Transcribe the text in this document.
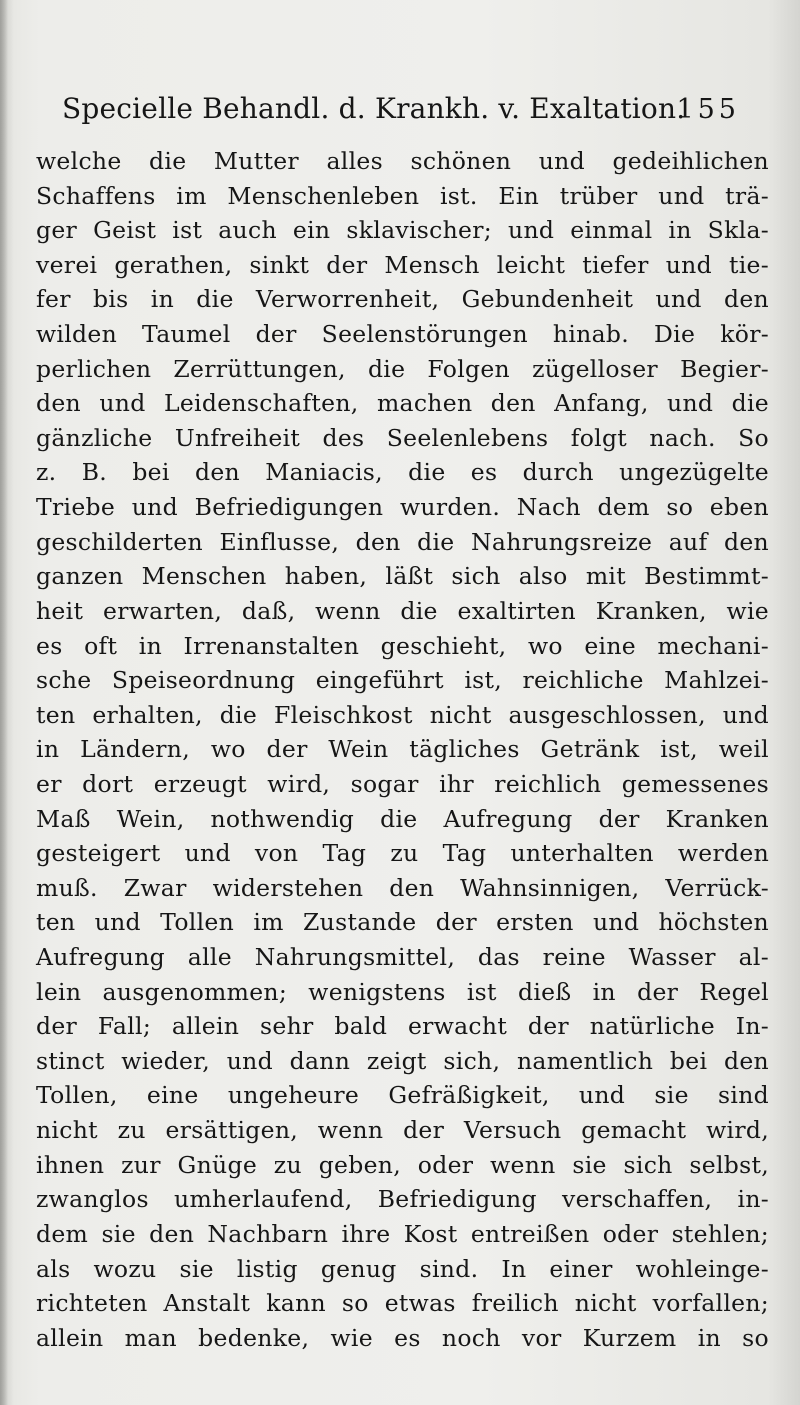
Specielle Behandl. d. Krankh. v. Exaltation.
155
welche die Mutter alles schönen und gedeihlichen
Schaffens im Menschenleben ist. Ein trüber und trä-
ger Geist ist auch ein sklavischer; und einmal in Skla-
verei gerathen, sinkt der Mensch leicht tiefer und tie-
fer bis in die Verworrenheit, Gebundenheit und den
wilden Taumel der Seelenstörungen hinab. Die kör-
perlichen Zerrüttungen, die Folgen zügelloser Begier-
den und Leidenschaften, machen den Anfang, und die
gänzliche Unfreiheit des Seelenlebens folgt nach. So
z. B. bei den Maniacis, die es durch ungezügelte
Triebe und Befriedigungen wurden. Nach dem so eben
geschilderten Einflusse, den die Nahrungsreize auf den
ganzen Menschen haben, läßt sich also mit Bestimmt-
heit erwarten, daß, wenn die exaltirten Kranken, wie
es oft in Irrenanstalten geschieht, wo eine mechani-
sche Speiseordnung eingeführt ist, reichliche Mahlzei-
ten erhalten, die Fleischkost nicht ausgeschlossen, und
in Ländern, wo der Wein tägliches Getränk ist, weil
er dort erzeugt wird, sogar ihr reichlich gemessenes
Maß Wein, nothwendig die Aufregung der Kranken
gesteigert und von Tag zu Tag unterhalten werden
muß. Zwar widerstehen den Wahnsinnigen, Verrück-
ten und Tollen im Zustande der ersten und höchsten
Aufregung alle Nahrungsmittel, das reine Wasser al-
lein ausgenommen; wenigstens ist dieß in der Regel
der Fall; allein sehr bald erwacht der natürliche In-
stinct wieder, und dann zeigt sich, namentlich bei den
Tollen, eine ungeheure Gefräßigkeit, und sie sind
nicht zu ersättigen, wenn der Versuch gemacht wird,
ihnen zur Gnüge zu geben, oder wenn sie sich selbst,
zwanglos umherlaufend, Befriedigung verschaffen, in-
dem sie den Nachbarn ihre Kost entreißen oder stehlen;
als wozu sie listig genug sind. In einer wohleinge-
richteten Anstalt kann so etwas freilich nicht vorfallen;
allein man bedenke, wie es noch vor Kurzem in so
